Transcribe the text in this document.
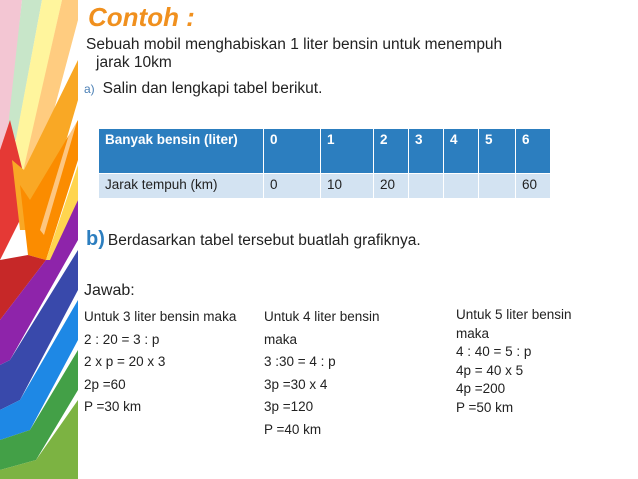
Contoh :
Sebuah mobil menghabiskan 1 liter bensin untuk menempuh
jarak 10km
a) Salin dan lengkapi tabel berikut.
Banyak bensin (liter)	0	1	2	3	4	5	6
Jarak tempuh (km)	0	10	20				60
b) Berdasarkan tabel tersebut buatlah grafiknya.
Jawab:
Untuk 3 liter bensin maka
2 : 20 = 3 : p
2 x p = 20 x 3
2p =60
P =30 km
Untuk 4 liter bensin
maka
3 :30 = 4 : p
3p =30 x 4
3p =120
P =40 km
Untuk 5 liter bensin
maka
4 : 40 = 5 : p
4p = 40 x 5
4p =200
P =50 km
